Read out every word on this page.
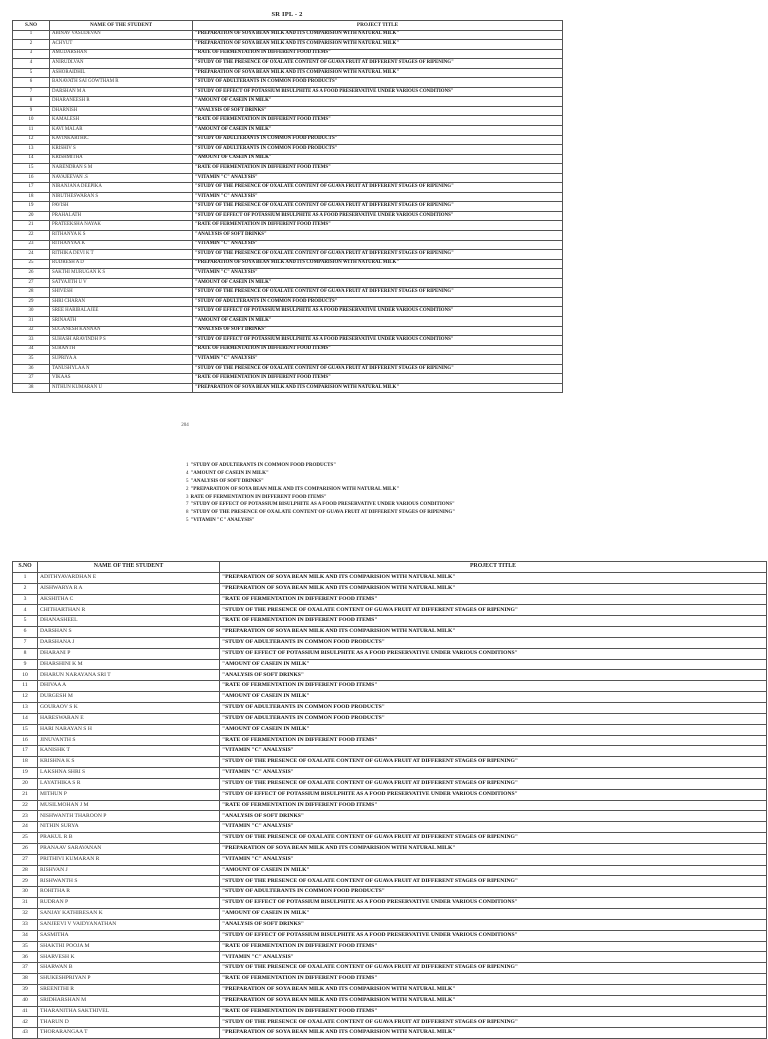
SR IPL - 2
S.NO	NAME OF THE STUDENT	PROJECT TITLE
1	ABINAV VASUDEVAN	"PREPARATION OF SOYA BEAN MILK AND ITS COMPARISION WITH NATURAL MILK"
2	ACHYUT	"PREPARATION OF SOYA BEAN MILK AND ITS COMPARISION WITH NATURAL MILK"
3	AMUDARSHAN	"RATE OF FERMENTATION IN DIFFERENT FOOD ITEMS"
4	ANIRUDLVAN	"STUDY OF THE PRESENCE OF OXALATE CONTENT OF GUAVA FRUIT AT DIFFERENT STAGES OF RIPENING"
5	ASHORAIDHIL	"PREPARATION OF SOYA BEAN MILK AND ITS COMPARISION WITH NATURAL MILK"
6	BANAVATH SAI GOWTHAM R	"STUDY OF ADULTERANTS IN COMMON FOOD PRODUCTS"
7	DARSHAN M A	"STUDY OF EFFECT OF POTASSIUM BISULPHITE AS A FOOD PRESERVATIVE UNDER VARIOUS CONDITIONS"
8	DHARANEESH R	"AMOUNT OF CASEIN IN MILK"
9	DHARNISH	"ANALYSIS OF SOFT DRINKS"
10	KAMALESH	"RATE OF FERMENTATION IN DIFFERENT FOOD ITEMS"
11	KAVI MALAR	"AMOUNT OF CASEIN IN MILK"
12	KAVINKARTHIC	"STUDY OF ADULTERANTS IN COMMON FOOD PRODUCTS"
13	KRISHIV S	"STUDY OF ADULTERANTS IN COMMON FOOD PRODUCTS"
14	KRISHMITHA	"AMOUNT OF CASEIN IN MILK"
15	NARENDRAN S M	"RATE OF FERMENTATION IN DIFFERENT FOOD ITEMS"
16	NAVAJEEVAN .S	"VITAMIN "C" ANALYSIS"
17	NIRANJANA DEEPIKA	"STUDY OF THE PRESENCE OF OXALATE CONTENT OF GUAVA FRUIT AT DIFFERENT STAGES OF RIPENING"
18	NIRUTHESWARAN S	"VITAMIN "C" ANALYSIS"
19	PAVISH	"STUDY OF THE PRESENCE OF OXALATE CONTENT OF GUAVA FRUIT AT DIFFERENT STAGES OF RIPENING"
20	PRAHALATH	"STUDY OF EFFECT OF POTASSIUM BISULPHITE AS A FOOD PRESERVATIVE UNDER VARIOUS CONDITIONS"
21	PRATEEKSHA NAYAK	"RATE OF FERMENTATION IN DIFFERENT FOOD ITEMS"
22	RITHANYA K S	"ANALYSIS OF SOFT DRINKS"
23	RITHANYAA K	"VITAMIN "C" ANALYSIS"
24	RITHIKA DEVI K T	"STUDY OF THE PRESENCE OF OXALATE CONTENT OF GUAVA FRUIT AT DIFFERENT STAGES OF RIPENING"
25	RUDRESH A D	"PREPARATION OF SOYA BEAN MILK AND ITS COMPARISION WITH NATURAL MILK"
26	SAKTHI MURUGAN K S	"VITAMIN "C" ANALYSIS"
27	SATYAJITH U V	"AMOUNT OF CASEIN IN MILK"
28	SHIVESH	"STUDY OF THE PRESENCE OF OXALATE CONTENT OF GUAVA FRUIT AT DIFFERENT STAGES OF RIPENING"
29	SHRI CHARAN	"STUDY OF ADULTERANTS IN COMMON FOOD PRODUCTS"
30	SREE HARIBALAJEE	"STUDY OF EFFECT OF POTASSIUM BISULPHITE AS A FOOD PRESERVATIVE UNDER VARIOUS CONDITIONS"
31	SRINAATH	"AMOUNT OF CASEIN IN MILK"
32	SUGANESH KANNAN	"ANALYSIS OF SOFT DRINKS"
33	SUHASH ARAVINDH P S	"STUDY OF EFFECT OF POTASSIUM BISULPHITE AS A FOOD PRESERVATIVE UNDER VARIOUS CONDITIONS"
34	SURANTH	"RATE OF FERMENTATION IN DIFFERENT FOOD ITEMS"
35	SUPRIYA A	"VITAMIN "C" ANALYSIS"
36	TANUSHYLAA N	"STUDY OF THE PRESENCE OF OXALATE CONTENT OF GUAVA FRUIT AT DIFFERENT STAGES OF RIPENING"
37	VIKAAS	"RATE OF FERMENTATION IN DIFFERENT FOOD ITEMS"
38	NITHUN KUMARAN U	"PREPARATION OF SOYA BEAN MILK AND ITS COMPARISION WITH NATURAL MILK"
204
1 "STUDY OF ADULTERANTS IN COMMON FOOD PRODUCTS"
4 "AMOUNT OF CASEIN IN MILK"
5 "ANALYSIS OF SOFT DRINKS"
2 "PREPARATION OF SOYA BEAN MILK AND ITS COMPARISION WITH NATURAL MILK"
3 RATE OF FERMENTATION IN DIFFERENT FOOD ITEMS"
7 "STUDY OF EFFECT OF POTASSIUM BISULPHITE AS A FOOD PRESERVATIVE UNDER VARIOUS CONDITIONS"
8 "STUDY OF THE PRESENCE OF OXALATE CONTENT OF GUAVA FRUIT AT DIFFERENT STAGES OF RIPENING"
5 "VITAMIN "C" ANALYSIS"
S.NO	NAME OF THE STUDENT	PROJECT TITLE
1	ADITHYAVARDHAN E	"PREPARATION OF SOYA BEAN MILK AND ITS COMPARISION WITH NATURAL MILK"
2	AISHWARYA R A	"PREPARATION OF SOYA BEAN MILK AND ITS COMPARISION WITH NATURAL MILK"
3	AKSHITHA C	"RATE OF FERMENTATION IN DIFFERENT FOOD ITEMS"
4	CHITHARTHAN R	"STUDY OF THE PRESENCE OF OXALATE CONTENT OF GUAVA FRUIT AT DIFFERENT STAGES OF RIPENING"
5	DHANASHEEL	"RATE OF FERMENTATION IN DIFFERENT FOOD ITEMS"
6	DARSHAN S	"PREPARATION OF SOYA BEAN MILK AND ITS COMPARISION WITH NATURAL MILK"
7	DARSHANA J	"STUDY OF ADULTERANTS IN COMMON FOOD PRODUCTS"
8	DHARANI P	"STUDY OF EFFECT OF POTASSIUM BISULPHITE AS A FOOD PRESERVATIVE UNDER VARIOUS CONDITIONS"
9	DHARSHINI K M	"AMOUNT OF CASEIN IN MILK"
10	DHARUN NARAYANA SRI T	"ANALYSIS OF SOFT DRINKS"
11	DHIVAA A	"RATE OF FERMENTATION IN DIFFERENT FOOD ITEMS"
12	DURGESH M	"AMOUNT OF CASEIN IN MILK"
13	GOURAOV S K	"STUDY OF ADULTERANTS IN COMMON FOOD PRODUCTS"
14	HARESWARAN E	"STUDY OF ADULTERANTS IN COMMON FOOD PRODUCTS"
15	HARI NARAYAN S H	"AMOUNT OF CASEIN IN MILK"
16	JINUVANTH S	"RATE OF FERMENTATION IN DIFFERENT FOOD ITEMS"
17	KANISHK T	"VITAMIN "C" ANALYSIS"
18	KRISHNA K S	"STUDY OF THE PRESENCE OF OXALATE CONTENT OF GUAVA FRUIT AT DIFFERENT STAGES OF RIPENING"
19	LAKSHNA SHRI S	"VITAMIN "C" ANALYSIS"
20	LAYATHIKA S R	"STUDY OF THE PRESENCE OF OXALATE CONTENT OF GUAVA FRUIT AT DIFFERENT STAGES OF RIPENING"
21	MITHUN P	"STUDY OF EFFECT OF POTASSIUM BISULPHITE AS A FOOD PRESERVATIVE UNDER VARIOUS CONDITIONS"
22	MUSILMOHAN J M	"RATE OF FERMENTATION IN DIFFERENT FOOD ITEMS"
23	NISHWANTH THAROON P	"ANALYSIS OF SOFT DRINKS"
24	NITHIN SURYA	"VITAMIN "C" ANALYSIS"
25	PRAKUL R B	"STUDY OF THE PRESENCE OF OXALATE CONTENT OF GUAVA FRUIT AT DIFFERENT STAGES OF RIPENING"
26	PRANAAV SARAVANAN	"PREPARATION OF SOYA BEAN MILK AND ITS COMPARISION WITH NATURAL MILK"
27	PRITHIVI KUMARAN R	"VITAMIN "C" ANALYSIS"
28	RISHVAN J	"AMOUNT OF CASEIN IN MILK"
29	RISHWANTH S	"STUDY OF THE PRESENCE OF OXALATE CONTENT OF GUAVA FRUIT AT DIFFERENT STAGES OF RIPENING"
30	ROHITHA R	"STUDY OF ADULTERANTS IN COMMON FOOD PRODUCTS"
31	RUDRAN P	"STUDY OF EFFECT OF POTASSIUM BISULPHITE AS A FOOD PRESERVATIVE UNDER VARIOUS CONDITIONS"
32	SANJAY KATHIRESAN K	"AMOUNT OF CASEIN IN MILK"
33	SANJEEVI V VAIDYANATHAN	"ANALYSIS OF SOFT DRINKS"
34	SASMITHA	"STUDY OF EFFECT OF POTASSIUM BISULPHITE AS A FOOD PRESERVATIVE UNDER VARIOUS CONDITIONS"
35	SHAKTHI POOJA M	"RATE OF FERMENTATION IN DIFFERENT FOOD ITEMS"
36	SHARVESH K	"VITAMIN "C" ANALYSIS"
37	SHARWAN B	"STUDY OF THE PRESENCE OF OXALATE CONTENT OF GUAVA FRUIT AT DIFFERENT STAGES OF RIPENING"
38	SHUKESHPRIYAN P	"RATE OF FERMENTATION IN DIFFERENT FOOD ITEMS"
39	SREENITHI R	"PREPARATION OF SOYA BEAN MILK AND ITS COMPARISION WITH NATURAL MILK"
40	SRIDHARSHAN M	"PREPARATION OF SOYA BEAN MILK AND ITS COMPARISION WITH NATURAL MILK"
41	THARANITHA SAKTHIVEL	"RATE OF FERMENTATION IN DIFFERENT FOOD ITEMS"
42	THARUN D	"STUDY OF THE PRESENCE OF OXALATE CONTENT OF GUAVA FRUIT AT DIFFERENT STAGES OF RIPENING"
43	THORARANGAA T	"PREPARATION OF SOYA BEAN MILK AND ITS COMPARISION WITH NATURAL MILK"
